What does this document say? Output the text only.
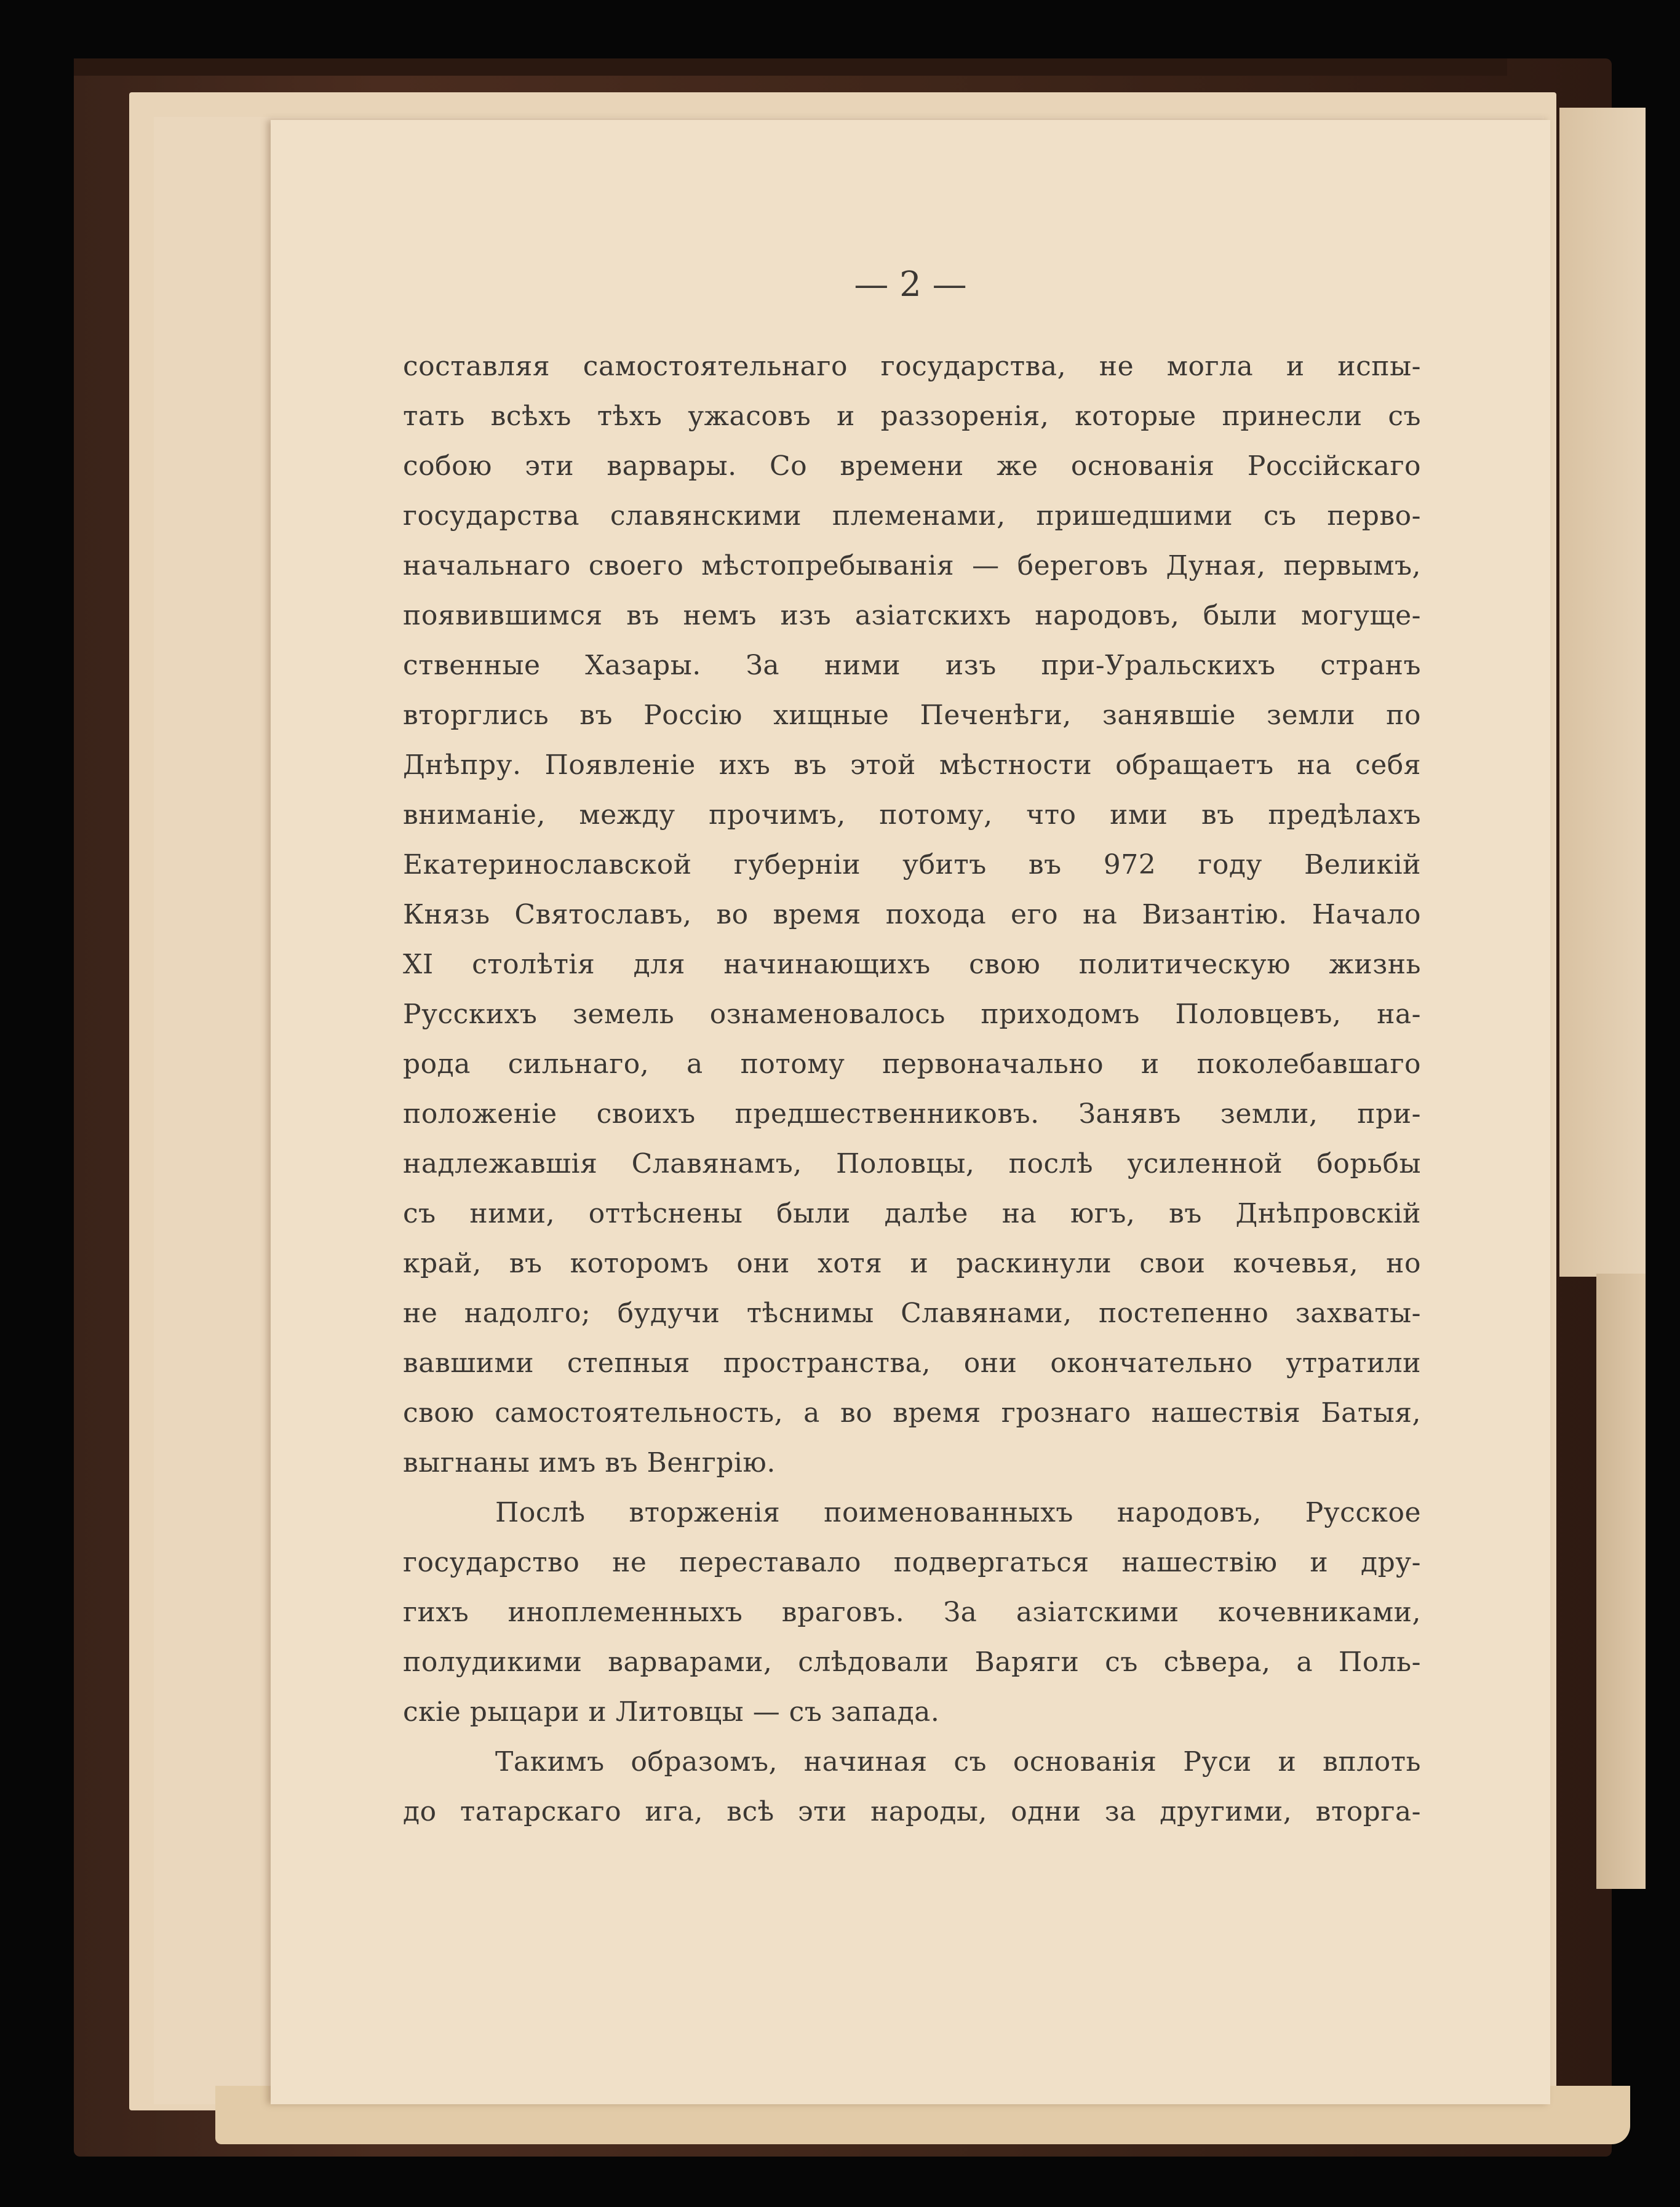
— 2 —
составляя самостоятельнаго государства, не могла и испы-
тать всѣхъ тѣхъ ужасовъ и раззоренія, которые принесли съ
собою эти варвары. Со времени же основанія Россійскаго
государства славянскими племенами, пришедшими съ перво-
начальнаго своего мѣстопребыванія — береговъ Дуная, первымъ,
появившимся въ немъ изъ азіатскихъ народовъ, были могуще-
ственные Хазары. За ними изъ при-Уральскихъ странъ
вторглись въ Россію хищные Печенѣги, занявшіе земли по
Днѣпру. Появленіе ихъ въ этой мѣстности обращаетъ на себя
вниманіе, между прочимъ, потому, что ими въ предѣлахъ
Екатеринославской губерніи убитъ въ 972 году Великій
Князь Святославъ, во время похода его на Византію. Начало
XI столѣтія для начинающихъ свою политическую жизнь
Русскихъ земель ознаменовалось приходомъ Половцевъ, на-
рода сильнаго, а потому первоначально и поколебавшаго
положеніе своихъ предшественниковъ. Занявъ земли, при-
надлежавшія Славянамъ, Половцы, послѣ усиленной борьбы
съ ними, оттѣснены были далѣе на югъ, въ Днѣпровскій
край, въ которомъ они хотя и раскинули свои кочевья, но
не надолго; будучи тѣснимы Славянами, постепенно захваты-
вавшими степныя пространства, они окончательно утратили
свою самостоятельность, а во время грознаго нашествія Батыя,
выгнаны имъ въ Венгрію.
Послѣ вторженія поименованныхъ народовъ, Русское
государство не переставало подвергаться нашествію и дру-
гихъ иноплеменныхъ враговъ. За азіатскими кочевниками,
полудикими варварами, слѣдовали Варяги съ сѣвера, а Поль-
скіе рыцари и Литовцы — съ запада.
Такимъ образомъ, начиная съ основанія Руси и вплоть
до татарскаго ига, всѣ эти народы, одни за другими, вторга-
